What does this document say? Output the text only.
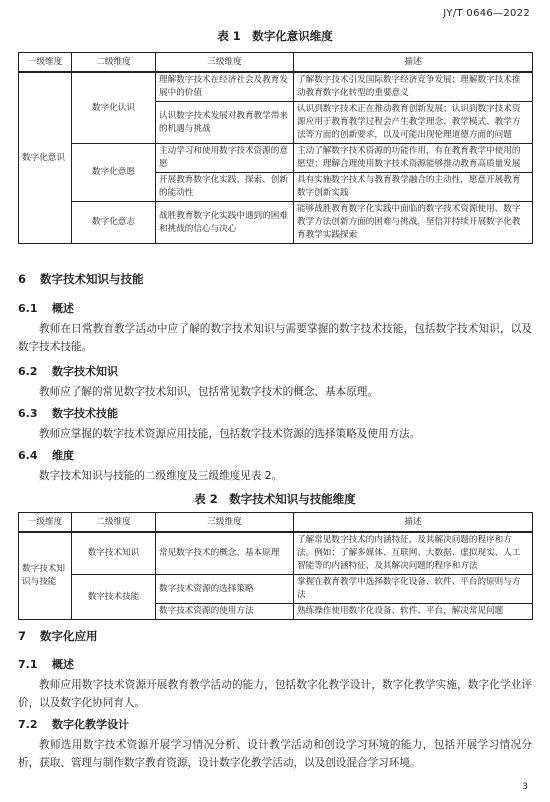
JY/T 0646—2022
表 1　数字化意识维度
一级维度	二级维度	三级维度	描述
数字化意识	数字化认识	理解数字技术在经济社会及教育发展中的价值	了解数字技术引发国际数字经济竞争发展；理解数字技术推动教育数字化转型的重要意义
		认识数字技术发展对教育教学带来的机遇与挑战	认识到数字技术正在推动教育创新发展；认识到数字技术资源应用于教育教学过程会产生教学理念、教学模式、教学方法等方面的创新要求，以及可能出现伦理道德方面的问题
	数字化意愿	主动学习和使用数字技术资源的意愿	主动了解数字技术资源的功能作用，有在教育教学中使用的愿望；理解合理使用数字技术资源能够推动教育高质量发展
		开展教育数字化实践、探索、创新的能动性	具有实施数字技术与教育教学融合的主动性，愿意开展教育数字创新实践
	数字化意志	战胜教育数字化实践中遇到的困难和挑战的信心与决心	能够战胜教育数字化实践中面临的数字技术资源使用、数字教学方法创新方面的困难与挑战，坚信并持续开展数字化教育教学实践探索
6 数字技术知识与技能
6.1 概述
教师在日常教育教学活动中应了解的数字技术知识与需要掌握的数字技术技能，包括数字技术知识，以及数字技术技能。
6.2 数字技术知识
教师应了解的常见数字技术知识，包括常见数字技术的概念、基本原理。
6.3 数字技术技能
教师应掌握的数字技术资源应用技能，包括数字技术资源的选择策略及使用方法。
6.4 维度
数字技术知识与技能的二级维度及三级维度见表 2。
表 2　数字技术知识与技能维度
一级维度	二级维度	三级维度	描述
数字技术知识与技能	数字技术知识	常见数字技术的概念、基本原理	了解常见数字技术的内涵特征，及其解决问题的程序和方法。例如：了解多媒体、互联网、大数据、虚拟现实、人工智能等的内涵特征，及其解决问题的程序和方法
	数字技术技能	数字技术资源的选择策略	掌握在教育教学中选择数字化设备、软件、平台的原则与方法
		数字技术资源的使用方法	熟练操作使用数字化设备、软件、平台，解决常见问题
7 数字化应用
7.1 概述
教师应用数字技术资源开展教育教学活动的能力，包括数字化教学设计，数字化教学实施，数字化学业评价，以及数字化协同育人。
7.2 数字化教学设计
教师选用数字技术资源开展学习情况分析、设计教学活动和创设学习环境的能力，包括开展学习情况分析，获取、管理与制作数字教育资源，设计数字化教学活动，以及创设混合学习环境。
3
